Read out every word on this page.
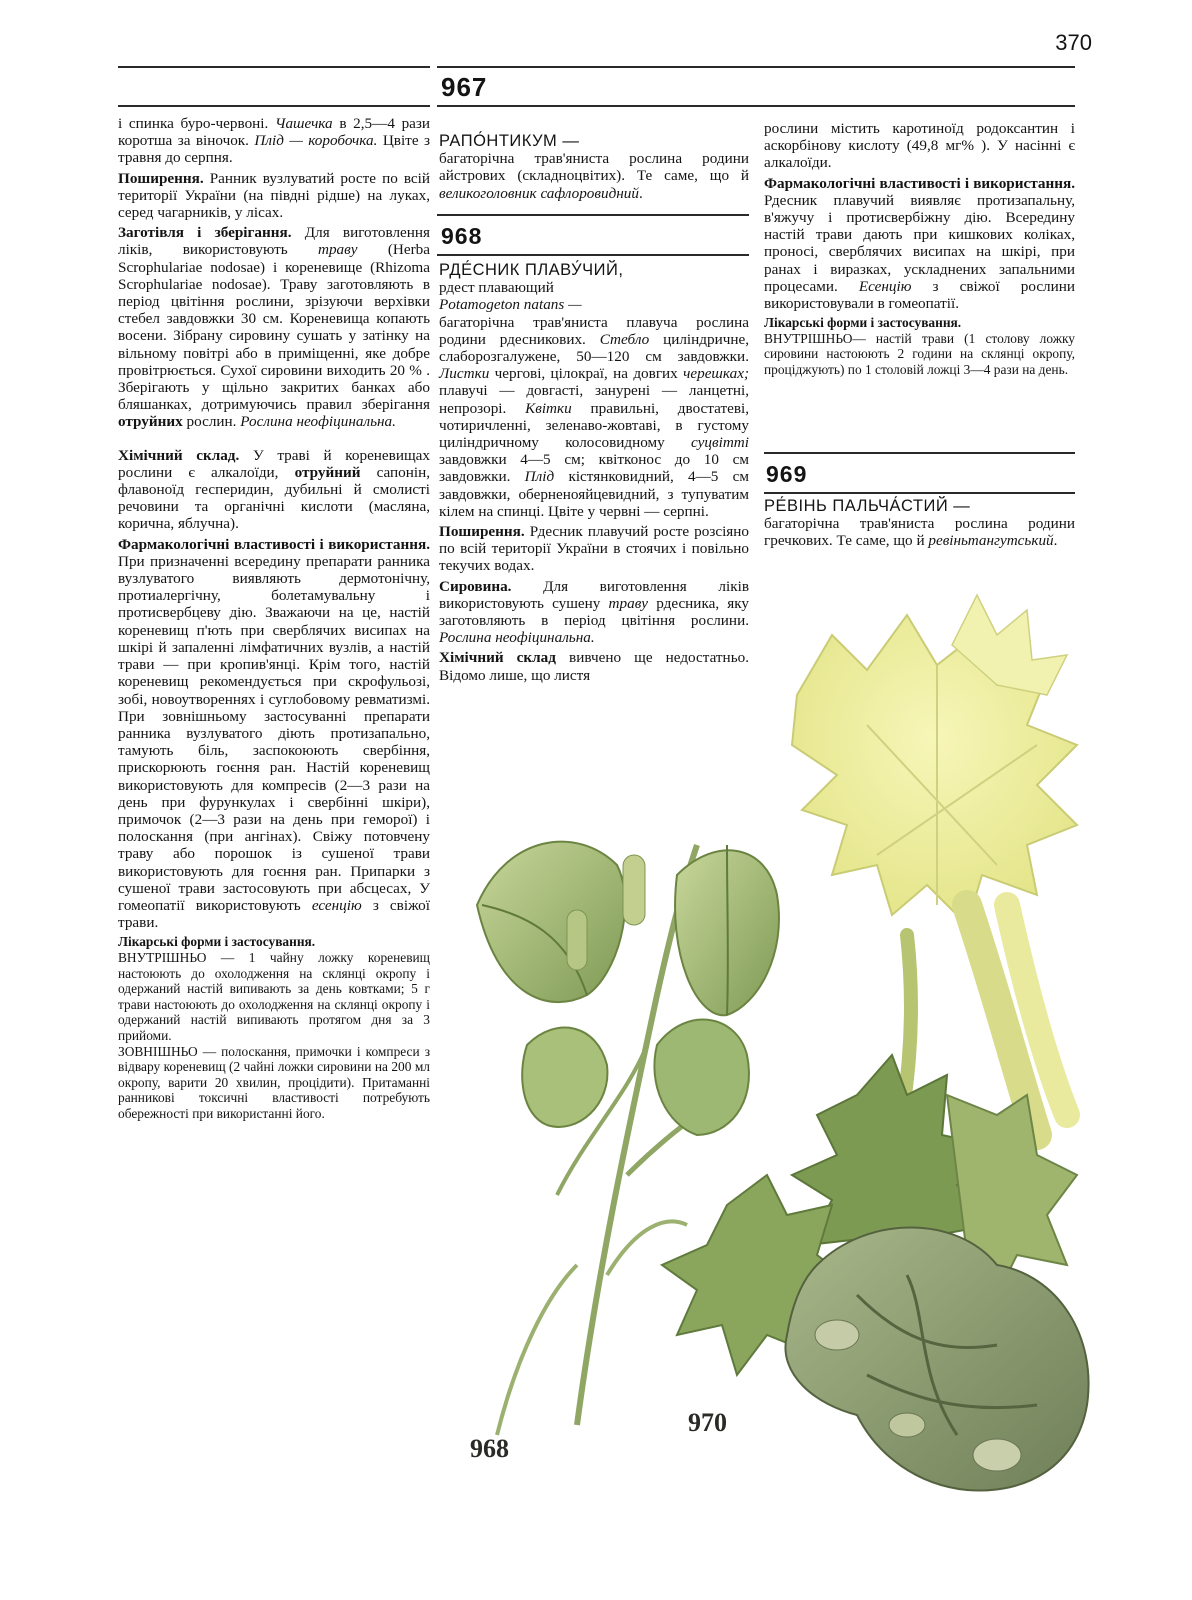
370
967

і спинка буро-червоні. Чашечка в 2,5—4 рази коротша за віночок. Плід — коробочка. Цвіте з травня до серпня.

Поширення. Ранник вузлуватий росте по всій території України (на півдні рідше) на луках, серед чагарників, у лісах.

Заготівля і зберігання. Для виготовлення ліків, використовують траву (Herba Scrophulariae nodosae) і кореневище (Rhizoma Scrophulariae nodosae). Траву заготовляють в період цвітіння рослини, зрізуючи верхівки стебел завдовжки 30 см. Кореневища копають восени. Зібрану сировину сушать у затінку на вільному повітрі або в приміщенні, яке добре провітрюється. Сухої сировини виходить 20 % . Зберігають у щільно закритих банках або бляшанках, дотримуючись правил зберігання отруйних рослин. Рослина неофіцинальна.

Хімічний склад. У траві й кореневищах рослини є алкалоїди, отруйний сапонін, флавоноїд гесперидин, дубильні й смолисті речовини та органічні кислоти (масляна, корична, яблучна).

Фармакологічні властивості і використання. При призначенні всередину препарати ранника вузлуватого виявляють дермотонічну, протиалергічну, болетамувальну і протисвербцеву дію. Зважаючи на це, настій кореневищ п'ють при сверблячих висипах на шкірі й запаленні лімфатичних вузлів, а настій трави — при кропив'янці. Крім того, настій кореневищ рекомендується при скрофульозі, зобі, новоутвореннях і суглобовому ревматизмі. При зовнішньому застосуванні препарати ранника вузлуватого діють протизапально, тамують біль, заспокоюють свербіння, прискорюють гоєння ран. Настій кореневищ використовують для компресів (2—3 рази на день при фурункулах і свербінні шкіри), примочок (2—3 рази на день при геморої) і полоскання (при ангінах). Свіжу потовчену траву або порошок із сушеної трави використовують для гоєння ран. Припарки з сушеної трави застосовують при абсцесах, У гомеопатії використовують есенцію з свіжої трави.

Лікарські форми і застосування.

ВНУТРІШНЬО — 1 чайну ложку кореневищ настоюють до охолодження на склянці окропу і одержаний настій випивають за день ковтками; 5 г трави настоюють до охолодження на склянці окропу і одержаний настій випивають протягом дня за 3 прийоми.

ЗОВНІШНЬО — полоскання, примочки і компреси з відвару кореневищ (2 чайні ложки сировини на 200 мл окропу, варити 20 хвилин, процідити). Притаманні ранникові токсичні властивості потребують обережності при використанні його.

РАПО́НТИКУМ —

багаторічна трав'яниста рослина родини айстрових (складноцвітих). Те саме, що й великоголовник сафлоровидний.

968

РДЕ́СНИК ПЛАВУ́ЧИЙ,

рдест плавающий

Potamogeton natans —

багаторічна трав'яниста плавуча рослина родини рдесникових. Стебло циліндричне, слаборозгалужене, 50—120 см завдовжки. Листки чергові, цілокраї, на довгих черешках; плавучі — довгасті, занурені — ланцетні, непрозорі. Квітки правильні, двостатеві, чотиричленні, зеленаво-жовтаві, в густому циліндричному колосовидному суцвітті завдовжки 4—5 см; квітконос до 10 см завдовжки. Плід кістянковидний, 4—5 см завдовжки, оберненояйцевидний, з тупуватим кілем на спинці. Цвіте у червні — серпні.

Поширення. Рдесник плавучий росте розсіяно по всій території України в стоячих і повільно текучих водах.

Сировина. Для виготовлення ліків використовують сушену траву рдесника, яку заготовляють в період цвітіння рослини. Рослина неофіцинальна.

Хімічний склад вивчено ще недостатньо. Відомо лише, що листя

рослини містить каротиноїд родоксантин і аскорбінову кислоту (49,8 мг% ). У насінні є алкалоїди.

Фармакологічні властивості і використання. Рдесник плавучий виявляє протизапальну, в'яжучу і протисвербіжну дію. Всередину настій трави дають при кишкових коліках, проносі, сверблячих висипах на шкірі, при ранах і виразках, ускладнених запальними процесами. Есенцію з свіжої рослини використовували в гомеопатії.

Лікарські форми і застосування.

ВНУТРІШНЬО— настій трави (1 столову ложку сировини настоюють 2 години на склянці окропу, проціджують) по 1 столовій ложці 3—4 рази на день.

969

РЕ́ВІНЬ ПАЛЬЧА́СТИЙ —

багаторічна трав'яниста рослина родини гречкових. Те саме, що й ревіньтангутський.

968
970
